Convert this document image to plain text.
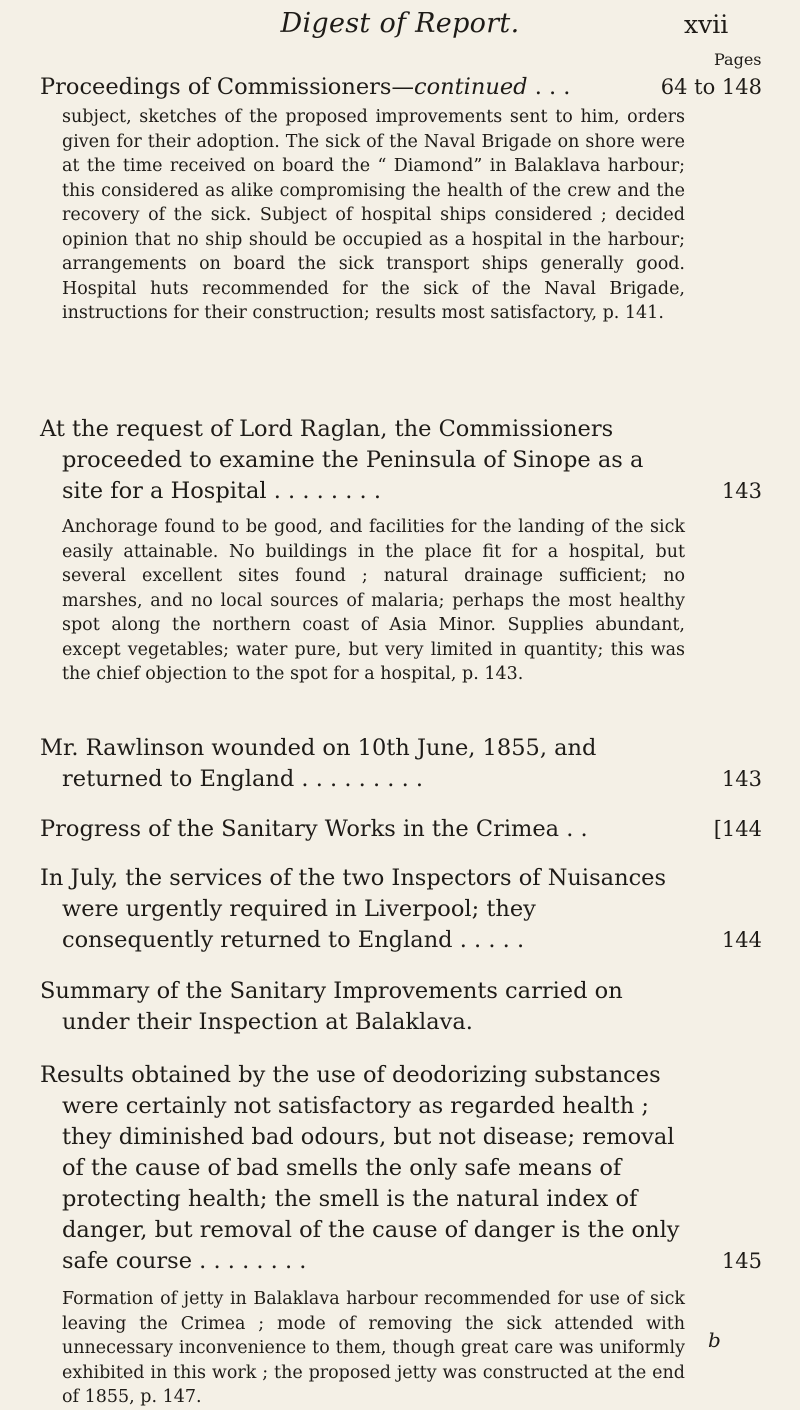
Digest of Report.	xvii
Pages
Proceedings of Commissioners—continued . . .	64 to 148
subject, sketches of the proposed improvements sent to him, orders given for their adoption. The sick of the Naval Brigade on shore were at the time received on board the “ Diamond” in Balaklava harbour; this considered as alike compromising the health of the crew and the recovery of the sick. Subject of hospital ships considered ; decided opinion that no ship should be occupied as a hospital in the harbour; arrangements on board the sick transport ships generally good. Hospital huts recommended for the sick of the Naval Brigade, instructions for their construction; results most satisfactory, p. 141.
At the request of Lord Raglan, the Commissioners proceeded to examine the Peninsula of Sinope as a site for a Hospital . . . . . . . .	143
Anchorage found to be good, and facilities for the landing of the sick easily attainable. No buildings in the place fit for a hospital, but several excellent sites found ; natural drainage sufficient; no marshes, and no local sources of malaria; perhaps the most healthy spot along the northern coast of Asia Minor. Supplies abundant, except vegetables; water pure, but very limited in quantity; this was the chief objection to the spot for a hospital, p. 143.
Mr. Rawlinson wounded on 10th June, 1855, and returned to England . . . . . . . . .	143
Progress of the Sanitary Works in the Crimea . .	[144
In July, the services of the two Inspectors of Nuisances were urgently required in Liverpool; they consequently returned to England . . . . .	144
Summary of the Sanitary Improvements carried on under their Inspection at Balaklava.
Results obtained by the use of deodorizing substances were certainly not satisfactory as regarded health ; they diminished bad odours, but not disease; removal of the cause of bad smells the only safe means of protecting health; the smell is the natural index of danger, but removal of the cause of danger is the only safe course . . . . . . . .	145
Formation of jetty in Balaklava harbour recommended for use of sick leaving the Crimea ; mode of removing the sick attended with unnecessary inconvenience to them, though great care was uniformly exhibited in this work ; the proposed jetty was constructed at the end of 1855, p. 147.
b
